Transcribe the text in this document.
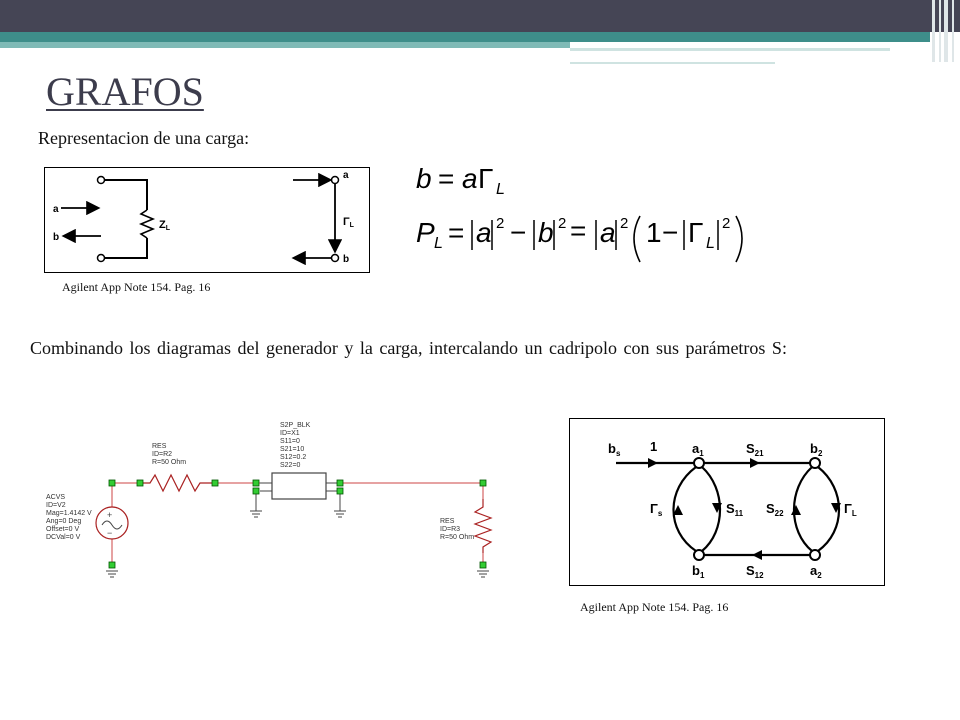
GRAFOS
Representacion de una carga:
a
b
ZL
a
b
ΓL
Agilent App Note 154. Pag. 16
b = a Γ L
P L = a 2 − b 2 = a 2 1 − Γ L
2
Combinando los diagramas del generador y la carga, intercalando un cadripolo con sus parámetros S:
+
−
RES
ID=R2
R=50 Ohm
S2P_BLK
ID=X1
S11=0
S21=10
S12=0.2
S22=0
ACVS
ID=V2
Mag=1.4142 V
Ang=0 Deg
Offset=0 V
DCVal=0 V
RES
ID=R3
R=50 Ohm
$b_s$ 1	$a_1$	$S_{21}$	$b_2$
$\Gamma_s$	$S_{11}$ $S_{22}$	$\Gamma_L$
$b_1$	$S_{12}$	$a_2$
Agilent App Note 154. Pag. 16
